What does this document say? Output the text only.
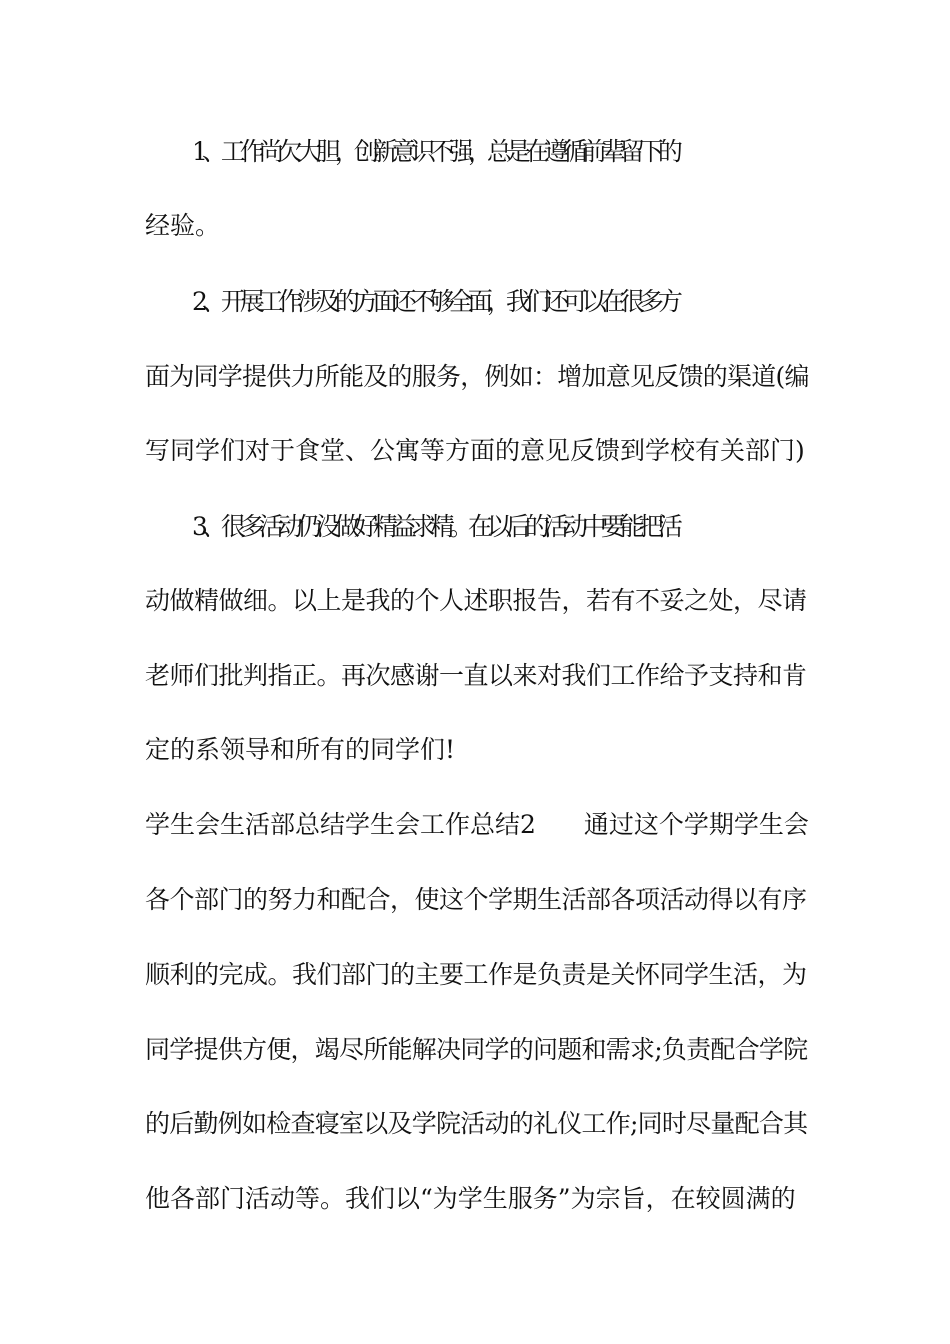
1、工作尚欠大胆，创新意识不强，总是在遵循前辈留下的
经验。
2、开展工作涉及的方面还不够全面，我们还可以在很多方
面为同学提供力所能及的服务，例如：增加意见反馈的渠道(编
写同学们对于食堂、公寓等方面的意见反馈到学校有关部门)
3、很多活动仍没做好精益求精。在以后的活动中要能把活
动做精做细。以上是我的个人述职报告，若有不妥之处，尽请
老师们批判指正。再次感谢一直以来对我们工作给予支持和肯
定的系领导和所有的同学们!
学生会生活部总结学生会工作总结2 通过这个学期学生会
各个部门的努力和配合，使这个学期生活部各项活动得以有序
顺利的完成。我们部门的主要工作是负责是关怀同学生活，为
同学提供方便，竭尽所能解决同学的问题和需求;负责配合学院
的后勤例如检查寝室以及学院活动的礼仪工作;同时尽量配合其
他各部门活动等。我们以“为学生服务”为宗旨，在较圆满的
